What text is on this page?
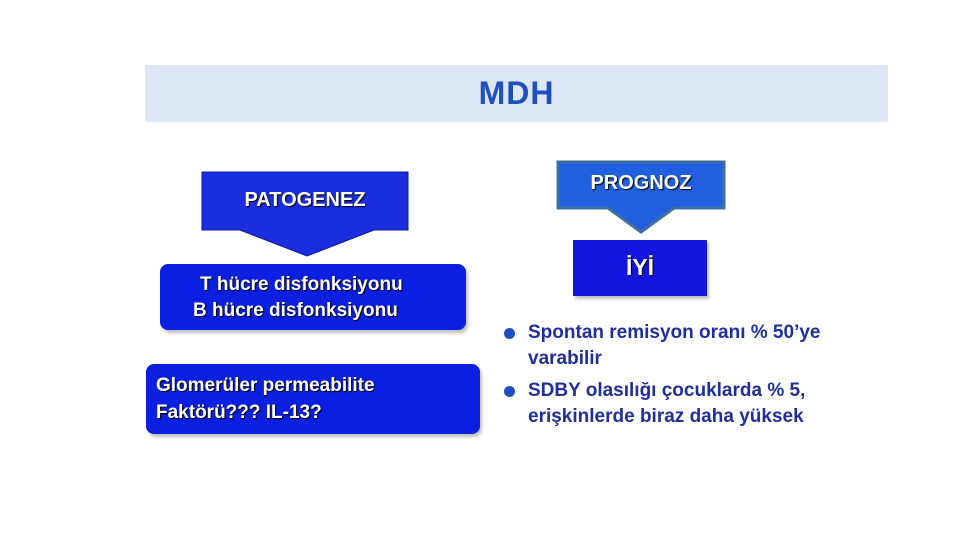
MDH
PATOGENEZ
T hücre disfonksiyonu
B hücre disfonksiyonu
Glomerüler permeabilite
Faktörü??? IL-13?
PROGNOZ
İYİ
Spontan remisyon oranı % 50’ye
varabilir
SDBY olasılığı çocuklarda % 5,
erişkinlerde biraz daha yüksek
